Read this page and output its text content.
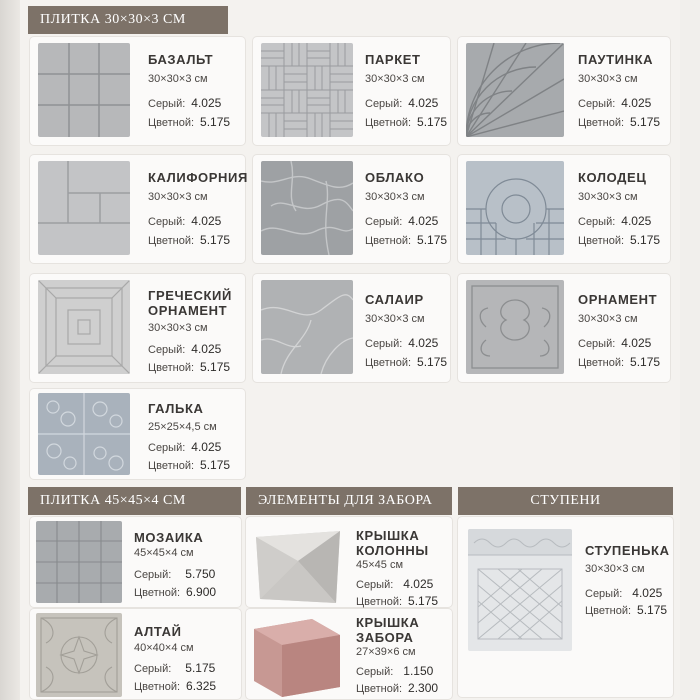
ПЛИТКА 30×30×3 СМ
БАЗАЛЬТ
30×30×3 см
Серый: 4.025
Цветной: 5.175
ПАРКЕТ
30×30×3 см
Серый: 4.025
Цветной: 5.175
ПАУТИНКА
30×30×3 см
Серый: 4.025
Цветной: 5.175
КАЛИФОРНИЯ
30×30×3 см
Серый: 4.025
Цветной: 5.175
ОБЛАКО
30×30×3 см
Серый: 4.025
Цветной: 5.175
КОЛОДЕЦ
30×30×3 см
Серый: 4.025
Цветной: 5.175
ГРЕЧЕСКИЙ
ОРНАМЕНТ
30×30×3 см
Серый: 4.025
Цветной: 5.175
САЛАИР
30×30×3 см
Серый: 4.025
Цветной: 5.175
ОРНАМЕНТ
30×30×3 см
Серый: 4.025
Цветной: 5.175
ГАЛЬКА
25×25×4,5 см
Серый: 4.025
Цветной: 5.175
ПЛИТКА 45×45×4 СМ	ЭЛЕМЕНТЫ ДЛЯ ЗАБОРА	СТУПЕНИ
МОЗАИКА
45×45×4 см
Серый: 5.750
Цветной: 6.900
АЛТАЙ
40×40×4 см
Серый: 5.175
Цветной: 6.325
КРЫШКА
КОЛОННЫ
45×45 см
Серый: 4.025
Цветной: 5.175
КРЫШКА
ЗАБОРА
27×39×6 см
Серый: 1.150
Цветной: 2.300
СТУПЕНЬКА
30×30×3 см
Серый: 4.025
Цветной: 5.175
